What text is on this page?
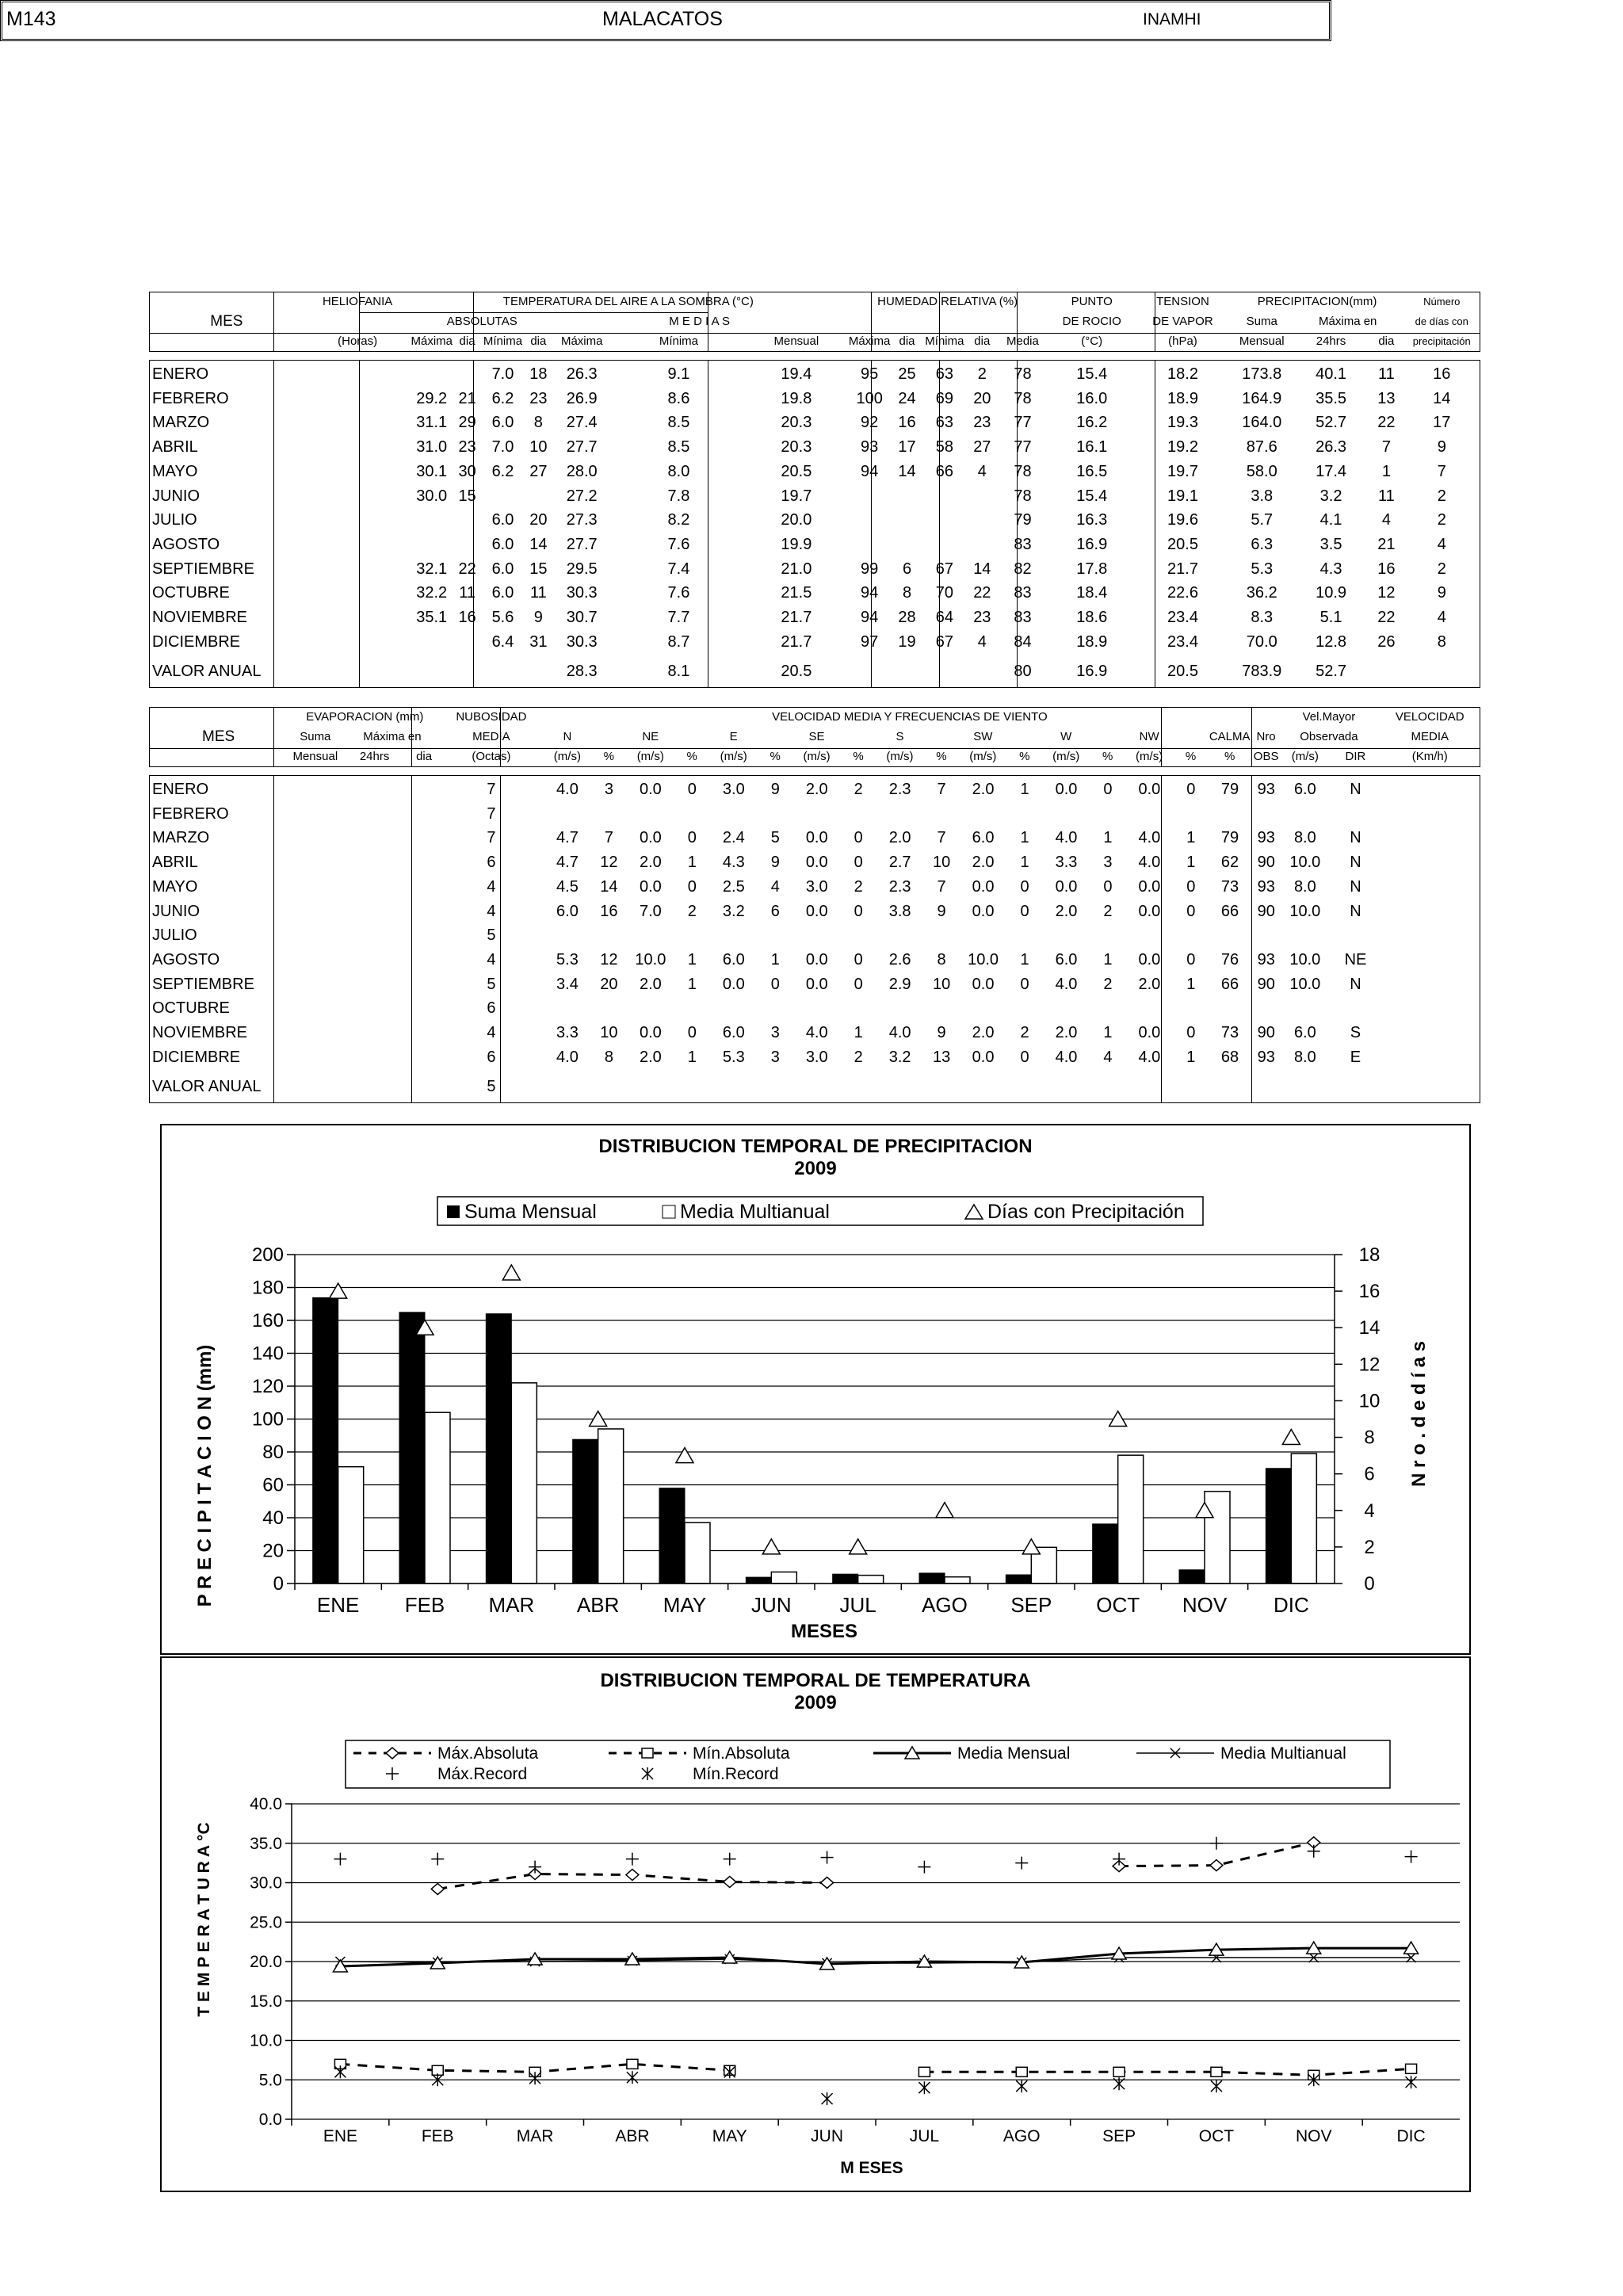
M143	MALACATOS	INAMHI
	HELIOFANIA	TEMPERATURA DEL AIRE A LA SOMBRA (°C)							HUMEDAD RELATIVA (%)					PUNTO	TENSION	PRECIPITACION(mm)			Número
MES		ABSOLUTAS				M E D I A S								DE ROCIO	DE VAPOR	Suma	Máxima en		de días con
	(Horas)	Máxima	dia	Mínima	dia	Máxima	Mínima	Mensual	Máxima	dia	Mínima	dia	Media	(°C)	(hPa)	Mensual	24hrs	dia	precipitación
ENERO				7.0	18	26.3	9.1	19.4	95	25	63	2	78	15.4	18.2	173.8	40.1	11	16
FEBRERO		29.2	21	6.2	23	26.9	8.6	19.8	100	24	69	20	78	16.0	18.9	164.9	35.5	13	14
MARZO		31.1	29	6.0	8	27.4	8.5	20.3	92	16	63	23	77	16.2	19.3	164.0	52.7	22	17
ABRIL		31.0	23	7.0	10	27.7	8.5	20.3	93	17	58	27	77	16.1	19.2	87.6	26.3	7	9
MAYO		30.1	30	6.2	27	28.0	8.0	20.5	94	14	66	4	78	16.5	19.7	58.0	17.4	1	7
JUNIO		30.0	15			27.2	7.8	19.7					78	15.4	19.1	3.8	3.2	11	2
JULIO				6.0	20	27.3	8.2	20.0					79	16.3	19.6	5.7	4.1	4	2
AGOSTO				6.0	14	27.7	7.6	19.9					83	16.9	20.5	6.3	3.5	21	4
SEPTIEMBRE		32.1	22	6.0	15	29.5	7.4	21.0	99	6	67	14	82	17.8	21.7	5.3	4.3	16	2
OCTUBRE		32.2	11	6.0	11	30.3	7.6	21.5	94	8	70	22	83	18.4	22.6	36.2	10.9	12	9
NOVIEMBRE		35.1	16	5.6	9	30.7	7.7	21.7	94	28	64	23	83	18.6	23.4	8.3	5.1	22	4
DICIEMBRE				6.4	31	30.3	8.7	21.7	97	19	67	4	84	18.9	23.4	70.0	12.8	26	8
VALOR ANUAL						28.3	8.1	20.5					80	16.9	20.5	783.9	52.7		
	EVAPORACION (mm)			NUBOSIDAD	VELOCIDAD MEDIA Y FRECUENCIAS DE VIENTO																		Vel.Mayor		VELOCIDAD
MES	Suma	Máxima en		MEDIA	N		NE		E		SE		S		SW		W		NW		CALMA	Nro	Observada		MEDIA
	Mensual	24hrs	dia	(Octas)	(m/s)	%	(m/s)	%	(m/s)	%	(m/s)	%	(m/s)	%	(m/s)	%	(m/s)	%	(m/s)	%	%	OBS	(m/s)	DIR	(Km/h)
ENERO				7	4.0	3	0.0	0	3.0	9	2.0	2	2.3	7	2.0	1	0.0	0	0.0	0	79	93	6.0	N	
FEBRERO				7																					
MARZO				7	4.7	7	0.0	0	2.4	5	0.0	0	2.0	7	6.0	1	4.0	1	4.0	1	79	93	8.0	N	
ABRIL				6	4.7	12	2.0	1	4.3	9	0.0	0	2.7	10	2.0	1	3.3	3	4.0	1	62	90	10.0	N	
MAYO				4	4.5	14	0.0	0	2.5	4	3.0	2	2.3	7	0.0	0	0.0	0	0.0	0	73	93	8.0	N	
JUNIO				4	6.0	16	7.0	2	3.2	6	0.0	0	3.8	9	0.0	0	2.0	2	0.0	0	66	90	10.0	N	
JULIO				5																					
AGOSTO				4	5.3	12	10.0	1	6.0	1	0.0	0	2.6	8	10.0	1	6.0	1	0.0	0	76	93	10.0	NE	
SEPTIEMBRE				5	3.4	20	2.0	1	0.0	0	0.0	0	2.9	10	0.0	0	4.0	2	2.0	1	66	90	10.0	N	
OCTUBRE				6																					
NOVIEMBRE				4	3.3	10	0.0	0	6.0	3	4.0	1	4.0	9	2.0	2	2.0	1	0.0	0	73	90	6.0	S	
DICIEMBRE				6	4.0	8	2.0	1	5.3	3	3.0	2	3.2	13	0.0	0	4.0	4	4.0	1	68	93	8.0	E	
VALOR ANUAL				5																					
DISTRIBUCION TEMPORAL DE PRECIPITACION
2009
Suma Mensual	Media Multianual	Días con Precipitación
0
20
40
60
80
100
120
140
160
180
200
0
2
4
6
8
10
12
14
16
18
ENE FEB MAR ABR MAY JUN JUL AGO SEP OCT NOV DIC
MESES
P R E C I P I T A C I O N (mm)	N r o . d e d í a s
DISTRIBUCION TEMPORAL DE TEMPERATURA
2009
Máx.Absoluta	Mín.Absoluta	Media Mensual	Media Multianual
Máx.Record	Mín.Record
0.0
5.0
10.0
15.0
20.0
25.0
30.0
35.0
40.0
ENE	FEB	MAR	ABR	MAY	JUN	JUL	AGO	SEP	OCT	NOV	DIC
M ESES
T E M P E R A T U R A °C
